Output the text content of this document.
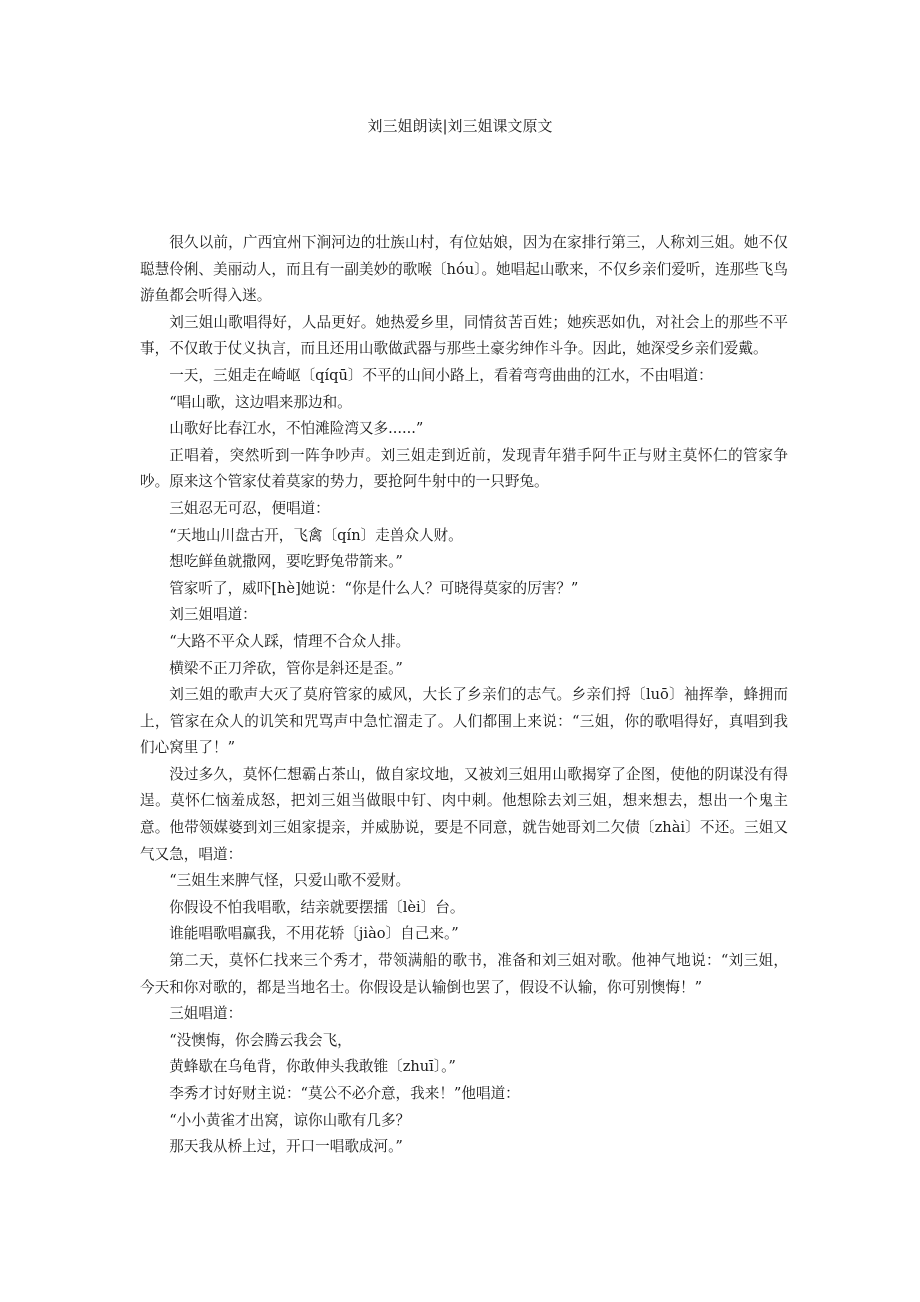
刘三姐朗读|刘三姐课文原文

很久以前，广西宜州下涧河边的壮族山村，有位姑娘，因为在家排行第三，人称刘三姐。她不仅聪慧伶俐、美丽动人，而且有一副美妙的歌喉〔hóu〕。她唱起山歌来，不仅乡亲们爱听，连那些飞鸟游鱼都会听得入迷。

刘三姐山歌唱得好，人品更好。她热爱乡里，同情贫苦百姓；她疾恶如仇，对社会上的那些不平事，不仅敢于仗义执言，而且还用山歌做武器与那些土豪劣绅作斗争。因此，她深受乡亲们爱戴。

一天，三姐走在崎岖〔qíqū〕不平的山间小路上，看着弯弯曲曲的江水，不由唱道：

“唱山歌，这边唱来那边和。

山歌好比春江水，不怕滩险湾又多......”

正唱着，突然听到一阵争吵声。刘三姐走到近前，发现青年猎手阿牛正与财主莫怀仁的管家争吵。原来这个管家仗着莫家的势力，要抢阿牛射中的一只野兔。

三姐忍无可忍，便唱道：

“天地山川盘古开，飞禽〔qín〕走兽众人财。

想吃鲜鱼就撒网，要吃野兔带箭来。”

管家听了，威吓[hè]她说：“你是什么人？可晓得莫家的厉害？”

刘三姐唱道：

“大路不平众人踩，情理不合众人排。

横梁不正刀斧砍，管你是斜还是歪。”

刘三姐的歌声大灭了莫府管家的威风，大长了乡亲们的志气。乡亲们捋〔luō〕袖挥拳，蜂拥而上，管家在众人的讥笑和咒骂声中急忙溜走了。人们都围上来说：“三姐，你的歌唱得好，真唱到我们心窝里了！”

没过多久，莫怀仁想霸占茶山，做自家坟地，又被刘三姐用山歌揭穿了企图，使他的阴谋没有得逞。莫怀仁恼羞成怒，把刘三姐当做眼中钉、肉中刺。他想除去刘三姐，想来想去，想出一个鬼主意。他带领媒婆到刘三姐家提亲，并威胁说，要是不同意，就告她哥刘二欠债〔zhài〕不还。三姐又气又急，唱道：

“三姐生来脾气怪，只爱山歌不爱财。

你假设不怕我唱歌，结亲就要摆擂〔lèi〕台。

谁能唱歌唱赢我，不用花轿〔jiào〕自己来。”

第二天，莫怀仁找来三个秀才，带领满船的歌书，准备和刘三姐对歌。他神气地说：“刘三姐，今天和你对歌的，都是当地名士。你假设是认输倒也罢了，假设不认输，你可别懊悔！”

三姐唱道：

“没懊悔，你会腾云我会飞，

黄蜂歇在乌龟背，你敢伸头我敢锥〔zhuī〕。”

李秀才讨好财主说：“莫公不必介意，我来！”他唱道：

“小小黄雀才出窝，谅你山歌有几多？

那天我从桥上过，开口一唱歌成河。”
